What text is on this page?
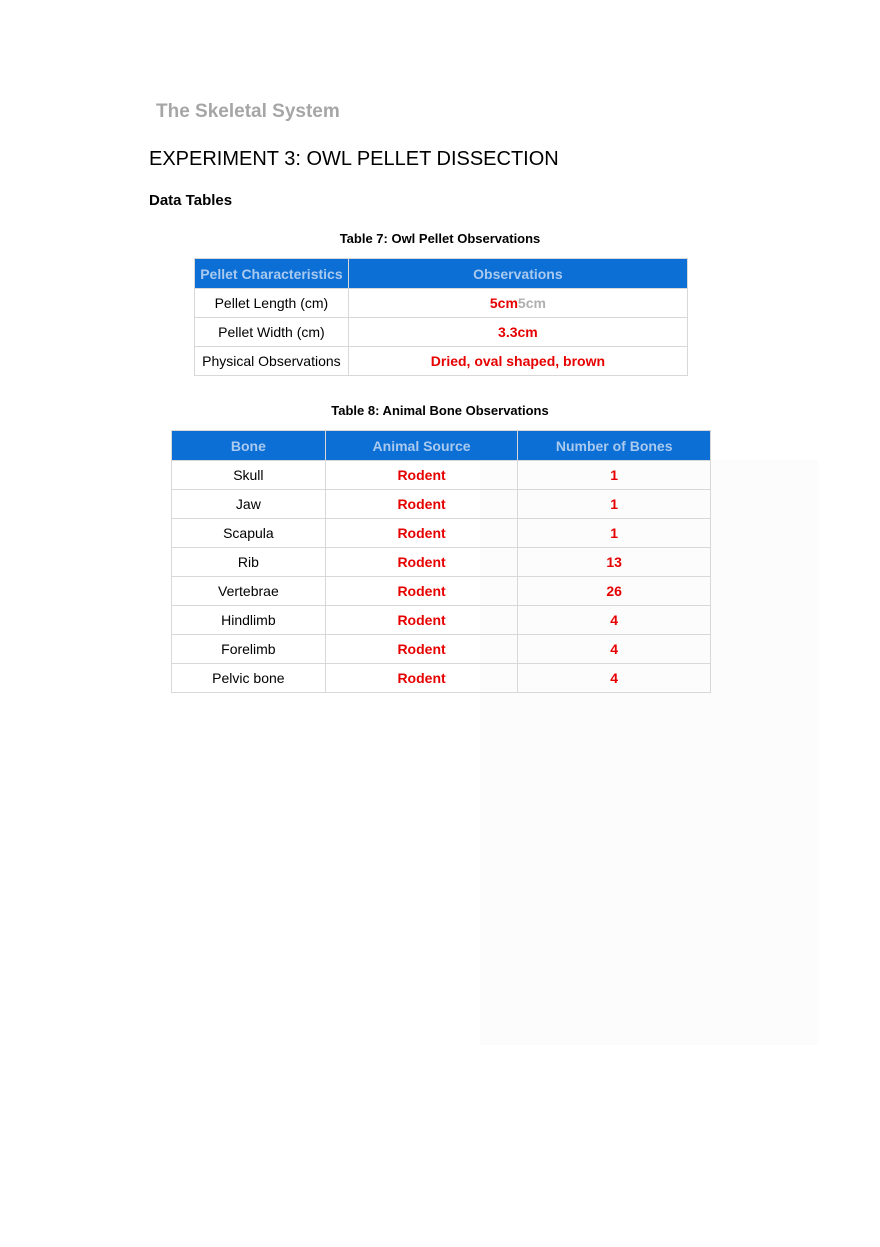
The Skeletal System
EXPERIMENT 3: OWL PELLET DISSECTION
Data Tables
Table 7: Owl Pellet Observations
Pellet Characteristics	Observations
Pellet Length (cm)	5cm5cm
Pellet Width (cm)	3.3cm
Physical Observations	Dried, oval shaped, brown
Table 8: Animal Bone Observations
Bone	Animal Source	Number of Bones
Skull	Rodent	1
Jaw	Rodent	1
Scapula	Rodent	1
Rib	Rodent	13
Vertebrae	Rodent	26
Hindlimb	Rodent	4
Forelimb	Rodent	4
Pelvic bone	Rodent	4
